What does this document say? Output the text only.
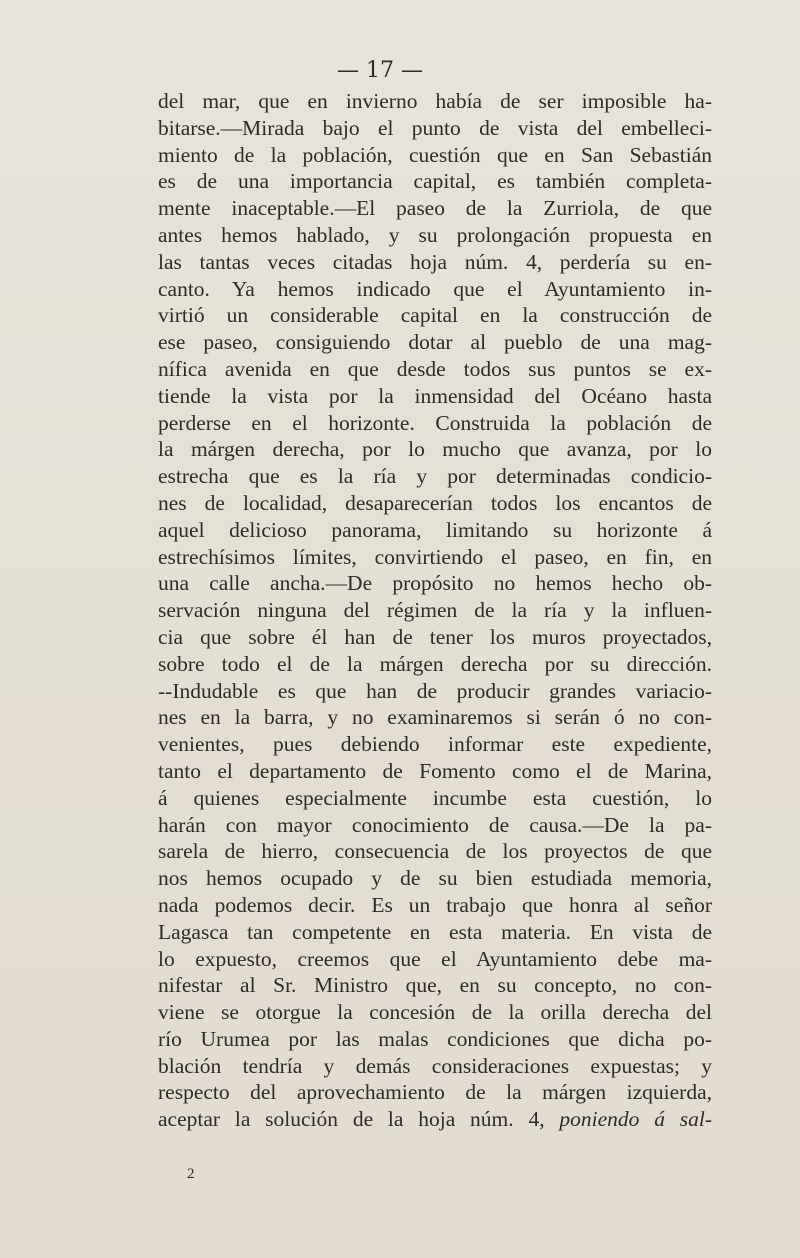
— 17 —
del mar, que en invierno había de ser imposible ha-
bitarse.—Mirada bajo el punto de vista del embelleci-
miento de la población, cuestión que en San Sebastián
es de una importancia capital, es también completa-
mente inaceptable.—El paseo de la Zurriola, de que
antes hemos hablado, y su prolongación propuesta en
las tantas veces citadas hoja núm. 4, perdería su en-
canto. Ya hemos indicado que el Ayuntamiento in-
virtió un considerable capital en la construcción de
ese paseo, consiguiendo dotar al pueblo de una mag-
nífica avenida en que desde todos sus puntos se ex-
tiende la vista por la inmensidad del Océano hasta
perderse en el horizonte. Construida la población de
la márgen derecha, por lo mucho que avanza, por lo
estrecha que es la ría y por determinadas condicio-
nes de localidad, desaparecerían todos los encantos de
aquel delicioso panorama, limitando su horizonte á
estrechísimos límites, convirtiendo el paseo, en fin, en
una calle ancha.—De propósito no hemos hecho ob-
servación ninguna del régimen de la ría y la influen-
cia que sobre él han de tener los muros proyectados,
sobre todo el de la márgen derecha por su dirección.
--Indudable es que han de producir grandes variacio-
nes en la barra, y no examinaremos si serán ó no con-
venientes, pues debiendo informar este expediente,
tanto el departamento de Fomento como el de Marina,
á quienes especialmente incumbe esta cuestión, lo
harán con mayor conocimiento de causa.—De la pa-
sarela de hierro, consecuencia de los proyectos de que
nos hemos ocupado y de su bien estudiada memoria,
nada podemos decir. Es un trabajo que honra al señor
Lagasca tan competente en esta materia. En vista de
lo expuesto, creemos que el Ayuntamiento debe ma-
nifestar al Sr. Ministro que, en su concepto, no con-
viene se otorgue la concesión de la orilla derecha del
río Urumea por las malas condiciones que dicha po-
blación tendría y demás consideraciones expuestas; y
respecto del aprovechamiento de la márgen izquierda,
aceptar la solución de la hoja núm. 4, poniendo á sal-
2
